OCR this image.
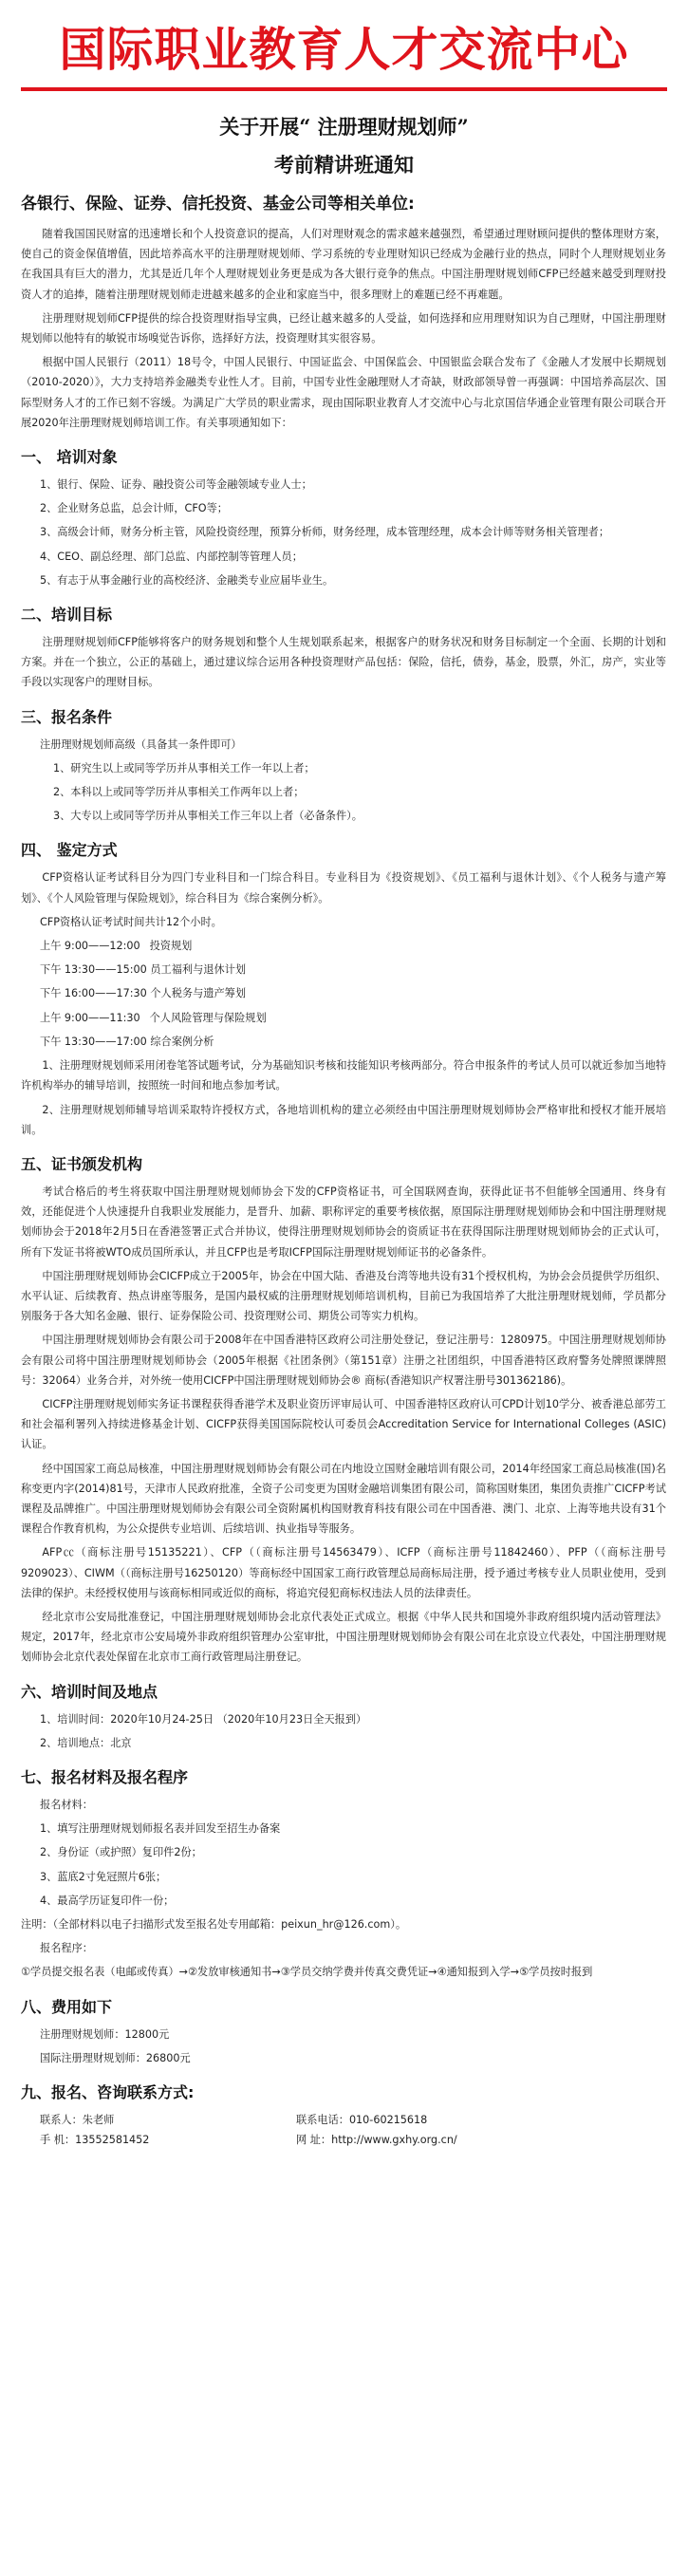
国际职业教育人才交流中心
关于开展“ 注册理财规划师”
考前精讲班通知
各银行、保险、证券、信托投资、基金公司等相关单位:

随着我国国民财富的迅速增长和个人投资意识的提高，人们对理财观念的需求越来越强烈，希望通过理财顾问提供的整体理财方案，使自己的资金保值增值，因此培养高水平的注册理财规划师、学习系统的专业理财知识已经成为金融行业的热点，同时个人理财规划业务在我国具有巨大的潜力，尤其是近几年个人理财规划业务更是成为各大银行竞争的焦点。中国注册理财规划师CFP已经越来越受到理财投资人才的追捧，随着注册理财规划师走进越来越多的企业和家庭当中，很多理财上的难题已经不再难题。

注册理财规划师CFP提供的综合投资理财指导宝典，已经让越来越多的人受益，如何选择和应用理财知识为自己理财，中国注册理财规划师以他特有的敏锐市场嗅觉告诉你，选择好方法，投资理财其实很容易。

根据中国人民银行（2011）18号令，中国人民银行、中国证监会、中国保监会、中国银监会联合发布了《金融人才发展中长期规划（2010-2020）》，大力支持培养金融类专业性人才。目前，中国专业性金融理财人才奇缺，财政部领导曾一再强调：中国培养高层次、国际型财务人才的工作已刻不容缓。为满足广大学员的职业需求，现由国际职业教育人才交流中心与北京国信华通企业管理有限公司联合开展2020年注册理财规划师培训工作。有关事项通知如下：

一、 培训对象
1、银行、保险、证券、融投资公司等金融领域专业人士；
2、企业财务总监，总会计师，CFO等；
3、高级会计师，财务分析主管，风险投资经理，预算分析师，财务经理，成本管理经理，成本会计师等财务相关管理者；
4、CEO、副总经理、部门总监、内部控制等管理人员；
5、有志于从事金融行业的高校经济、金融类专业应届毕业生。
二、培训目标

注册理财规划师CFP能够将客户的财务规划和整个人生规划联系起来，根据客户的财务状况和财务目标制定一个全面、长期的计划和方案。并在一个独立，公正的基础上，通过建议综合运用各种投资理财产品包括：保险，信托，债券，基金，股票，外汇，房产，实业等手段以实现客户的理财目标。

三、报名条件

注册理财规划师高级（具备其一条件即可）

1、研究生以上或同等学历并从事相关工作一年以上者；
2、本科以上或同等学历并从事相关工作两年以上者；
3、大专以上或同等学历并从事相关工作三年以上者（必备条件）。
四、 鉴定方式

CFP资格认证考试科目分为四门专业科目和一门综合科目。专业科目为《投资规划》、《员工福利与退休计划》、《个人税务与遗产筹划》、《个人风险管理与保险规划》，综合科目为《综合案例分析》。

CFP资格认证考试时间共计12个小时。

上午 9:00——12:00 投资规划
下午 13:30——15:00 员工福利与退休计划
下午 16:00——17:30 个人税务与遗产筹划
上午 9:00——11:30 个人风险管理与保险规划
下午 13:30——17:00 综合案例分析

1、注册理财规划师采用闭卷笔答试题考试，分为基础知识考核和技能知识考核两部分。符合申报条件的考试人员可以就近参加当地特许机构举办的辅导培训，按照统一时间和地点参加考试。

2、注册理财规划师辅导培训采取特许授权方式，各地培训机构的建立必须经由中国注册理财规划师协会严格审批和授权才能开展培训。

五、证书颁发机构

考试合格后的考生将获取中国注册理财规划师协会下发的CFP资格证书，可全国联网查询，获得此证书不但能够全国通用、终身有效，还能促进个人快速提升自我职业发展能力，是晋升、加薪、职称评定的重要考核依据，原国际注册理财规划师协会和中国注册理财规划师协会于2018年2月5日在香港签署正式合并协议，使得注册理财规划师协会的资质证书在获得国际注册理财规划师协会的正式认可，所有下发证书将被WTO成员国所承认，并且CFP也是考取ICFP国际注册理财规划师证书的必备条件。

中国注册理财规划师协会CICFP成立于2005年，协会在中国大陆、香港及台湾等地共设有31个授权机构，为协会会员提供学历组织、水平认证、后续教育、热点讲座等服务，是国内最权威的注册理财规划师培训机构，目前已为我国培养了大批注册理财规划师，学员都分别服务于各大知名金融、银行、证券保险公司、投资理财公司、期货公司等实力机构。

中国注册理财规划师协会有限公司于2008年在中国香港特区政府公司注册处登记，登记注册号：1280975。中国注册理财规划师协会有限公司将中国注册理财规划师协会（2005年根据《社团条例》（第151章）注册之社团组织，中国香港特区政府警务处牌照课牌照号：32064）业务合并，对外统一使用CICFP中国注册理财规划师协会® 商标(香港知识产权署注册号301362186)。

CICFP注册理财规划师实务证书课程获得香港学术及职业资历评审局认可、中国香港特区政府认可CPD计划10学分、被香港总部劳工和社会福利署列入持续进修基金计划、CICFP获得美国国际院校认可委员会Accreditation Service for International Colleges (ASIC)认证。

经中国国家工商总局核准，中国注册理财规划师协会有限公司在内地设立国财金融培训有限公司，2014年经国家工商总局核准(国)名称变更内字(2014)81号，天津市人民政府批准，全资子公司变更为国财金融培训集团有限公司，简称国财集团，集团负责推广CICFP考试课程及品牌推广。中国注册理财规划师协会有限公司全资附属机构国财教育科技有限公司在中国香港、澳门、北京、上海等地共设有31个课程合作教育机构，为公众提供专业培训、后续培训、执业指导等服务。

AFP㏄（商标注册号15135221）、CFP（（商标注册号14563479）、ICFP（商标注册号11842460）、PFP（（商标注册号9209023）、CIWM（（商标注册号16250120）等商标经中国国家工商行政管理总局商标局注册，授予通过考核专业人员职业使用，受到法律的保护。未经授权使用与该商标相同或近似的商标，将追究侵犯商标权违法人员的法律责任。

经北京市公安局批准登记，中国注册理财规划师协会北京代表处正式成立。根据《中华人民共和国境外非政府组织境内活动管理法》规定，2017年，经北京市公安局境外非政府组织管理办公室审批，中国注册理财规划师协会有限公司在北京设立代表处，中国注册理财规划师协会北京代表处保留在北京市工商行政管理局注册登记。

六、培训时间及地点

1、培训时间：2020年10月24-25日 （2020年10月23日全天报到）

2、培训地点：北京

七、报名材料及报名程序

报名材料：

1、填写注册理财规划师报名表并回发至招生办备案
2、身份证（或护照）复印件2份；
3、蓝底2寸免冠照片6张；
4、最高学历证复印件一份；

注明：（全部材料以电子扫描形式发至报名处专用邮箱：peixun_hr@126.com）。

报名程序：

①学员提交报名表（电邮或传真）→②发放审核通知书→③学员交纳学费并传真交费凭证→④通知报到入学→⑤学员按时报到

八、费用如下

注册理财规划师：12800元

国际注册理财规划师：26800元

九、报名、咨询联系方式:
联系人：朱老师	联系电话：010-60215618
手 机：13552581452	网 址：http://www.gxhy.org.cn/
